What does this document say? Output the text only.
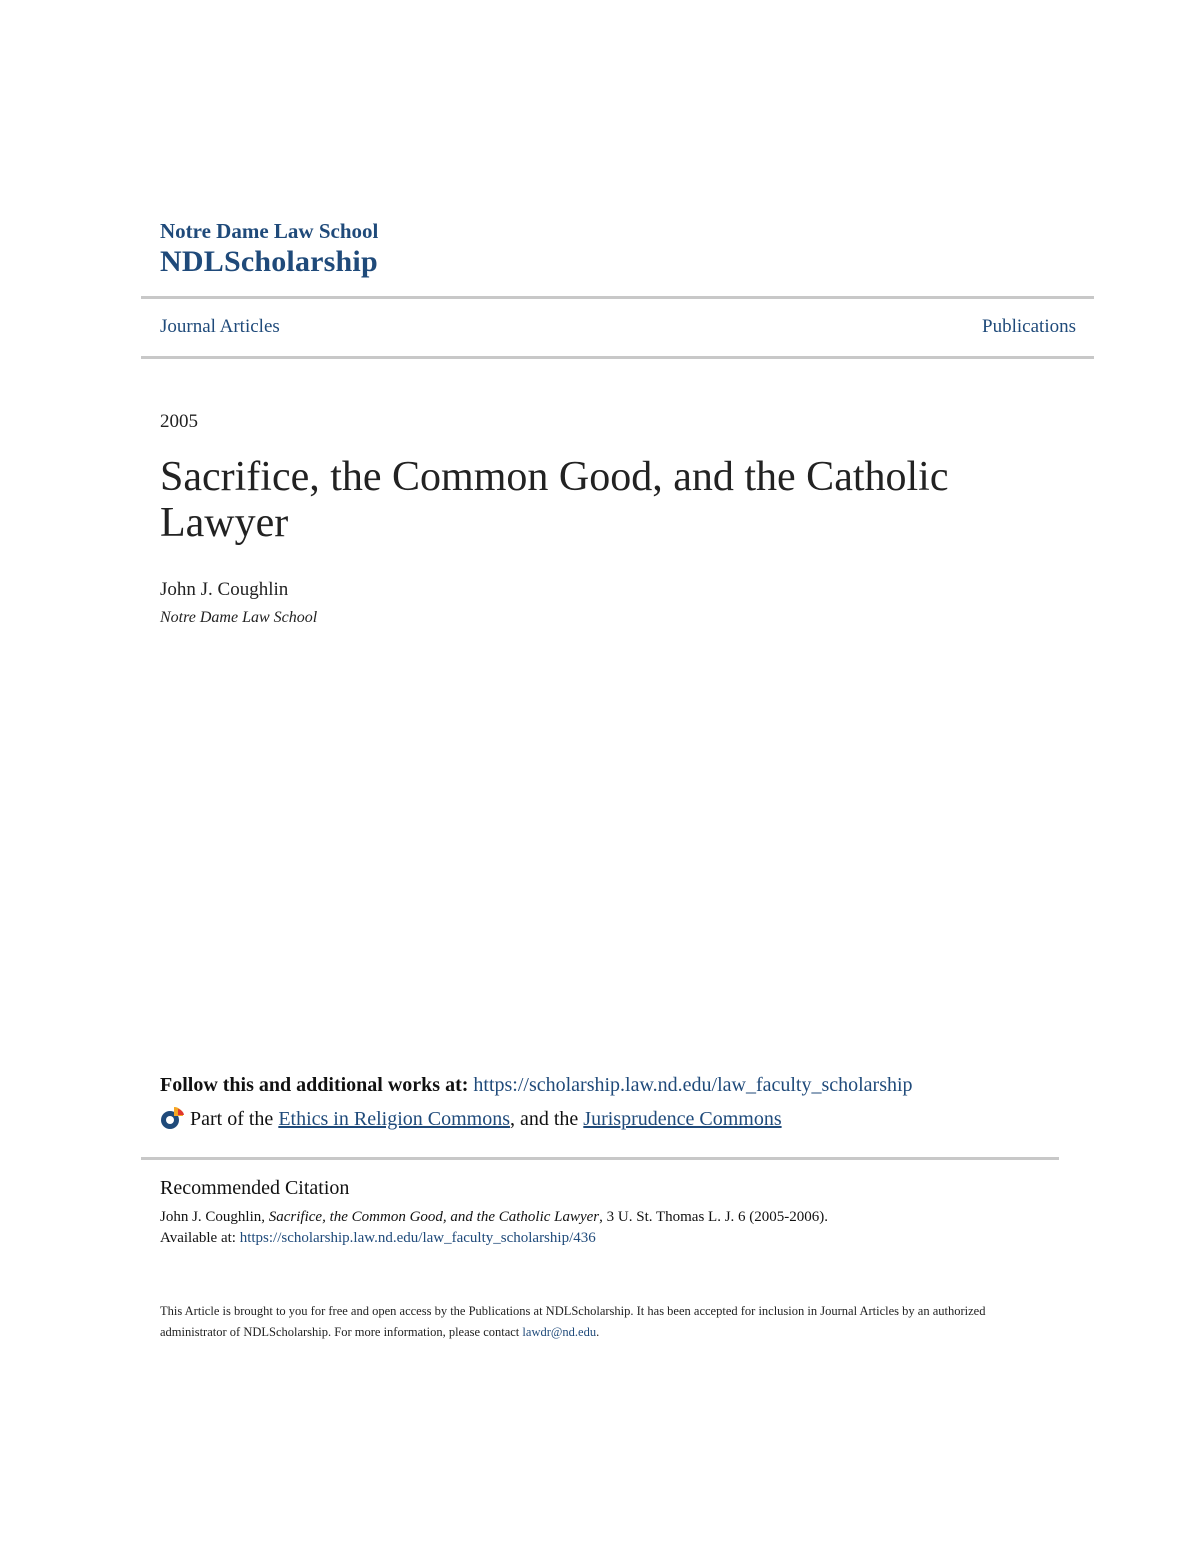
Notre Dame Law School
NDLScholarship
Journal Articles	Publications
2005
Sacrifice, the Common Good, and the Catholic Lawyer
John J. Coughlin
Notre Dame Law School
Follow this and additional works at: https://scholarship.law.nd.edu/law_faculty_scholarship
Part of the
Ethics in Religion Commons , and the
Jurisprudence Commons
Recommended Citation
John J. Coughlin, Sacrifice, the Common Good, and the Catholic Lawyer, 3 U. St. Thomas L. J. 6 (2005-2006).
Available at: https://scholarship.law.nd.edu/law_faculty_scholarship/436
This Article is brought to you for free and open access by the Publications at NDLScholarship. It has been accepted for inclusion in Journal Articles by an authorized administrator of NDLScholarship. For more information, please contact lawdr@nd.edu.
